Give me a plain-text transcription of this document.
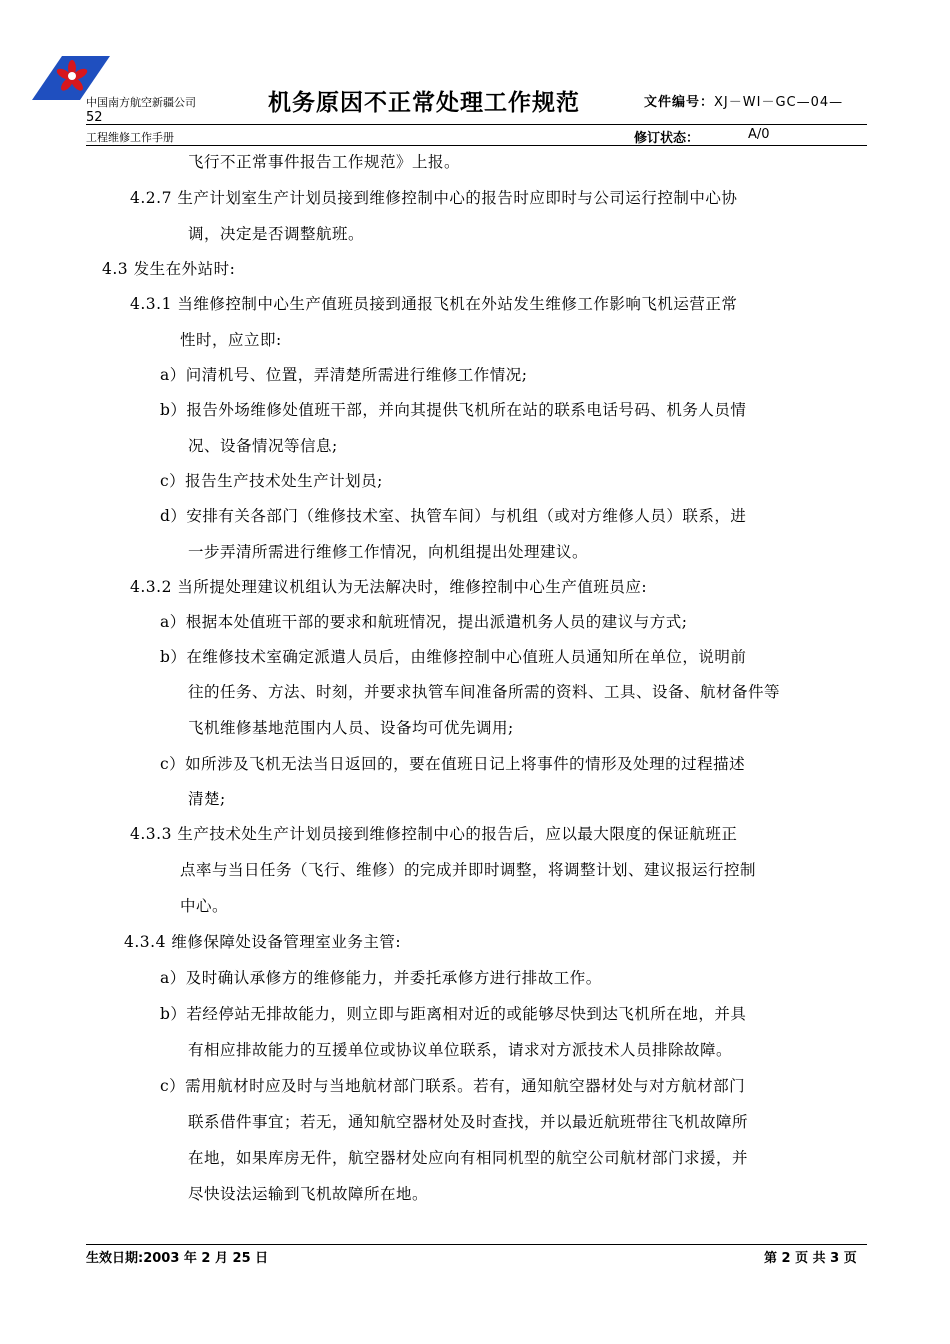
中国南方航空新疆公司	机务原因不正常处理工作规范	文件编号：XJ－WI－GC—04—
52
工程维修工作手册	修订状态：	A/0
飞行不正常事件报告工作规范》上报。
4.2.7 生产计划室生产计划员接到维修控制中心的报告时应即时与公司运行控制中心协
调，决定是否调整航班。
4.3 发生在外站时:
4.3.1 当维修控制中心生产值班员接到通报飞机在外站发生维修工作影响飞机运营正常
性时，应立即:
a）问清机号、位置，弄清楚所需进行维修工作情况;
b）报告外场维修处值班干部，并向其提供飞机所在站的联系电话号码、机务人员情
况、设备情况等信息;
c）报告生产技术处生产计划员;
d）安排有关各部门（维修技术室、执管车间）与机组（或对方维修人员）联系，进
一步弄清所需进行维修工作情况，向机组提出处理建议。
4.3.2 当所提处理建议机组认为无法解决时，维修控制中心生产值班员应:
a）根据本处值班干部的要求和航班情况，提出派遣机务人员的建议与方式;
b）在维修技术室确定派遣人员后，由维修控制中心值班人员通知所在单位，说明前
往的任务、方法、时刻，并要求执管车间准备所需的资料、工具、设备、航材备件等
飞机维修基地范围内人员、设备均可优先调用;
c）如所涉及飞机无法当日返回的，要在值班日记上将事件的情形及处理的过程描述
清楚;
4.3.3 生产技术处生产计划员接到维修控制中心的报告后，应以最大限度的保证航班正
点率与当日任务（飞行、维修）的完成并即时调整，将调整计划、建议报运行控制
中心。
4.3.4 维修保障处设备管理室业务主管:
a）及时确认承修方的维修能力，并委托承修方进行排故工作。
b）若经停站无排故能力，则立即与距离相对近的或能够尽快到达飞机所在地，并具
有相应排故能力的互援单位或协议单位联系，请求对方派技术人员排除故障。
c）需用航材时应及时与当地航材部门联系。若有，通知航空器材处与对方航材部门
联系借件事宜；若无，通知航空器材处及时查找，并以最近航班带往飞机故障所
在地，如果库房无件，航空器材处应向有相同机型的航空公司航材部门求援，并
尽快设法运输到飞机故障所在地。
生效日期:2003 年 2 月 25 日	第 2 页 共 3 页
